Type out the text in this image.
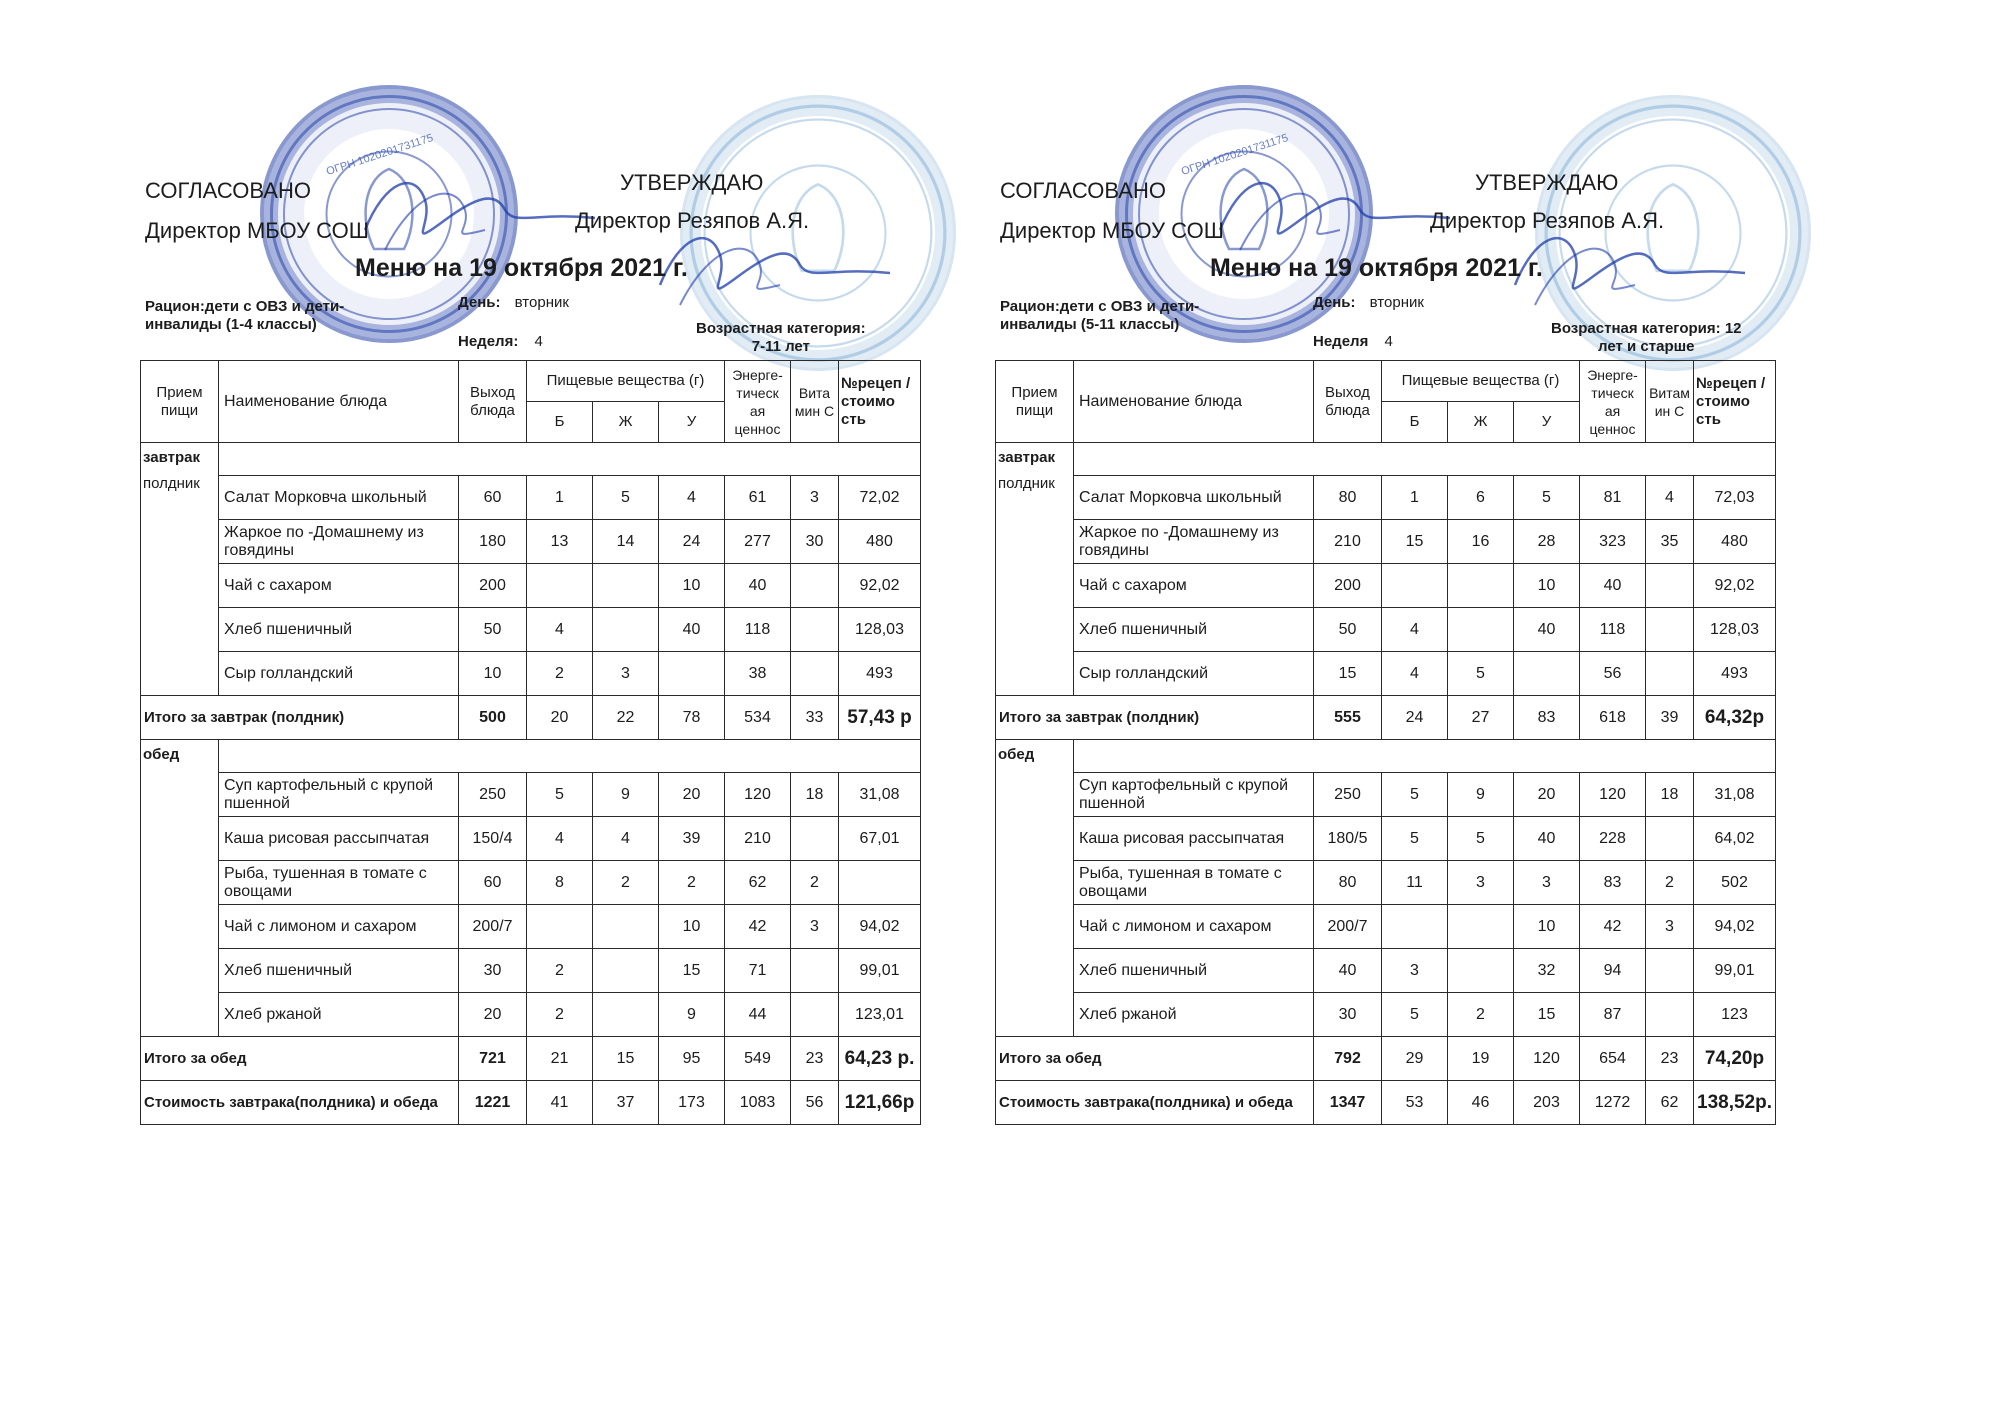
ОГРН 1020201731175
СОГЛАСОВАНО
Директор МБОУ СОШ
УТВЕРЖДАЮ
Директор Резяпов А.Я.
Меню на 19 октября 2021 г.
Рацион:дети с ОВЗ и дети-
инвалиды (1-4 классы)
День: вторник
Неделя: 4
Возрастная категория:
7-11 лет
Прием пищи	Наименование блюда	Выход блюда	Пищевые вещества (г)			Энерге-тическ ая ценнос	Вита мин С	№рецеп /стоимо сть
			Б	Ж	У			

завтрак
полдник								

	Салат Морковча школьный	60	1	5	4	61	3	72,02
	Жаркое по -Домашнему из говядины	180	13	14	24	277	30	480
	Чай с сахаром	200			10	40		92,02
	Хлеб пшеничный	50	4		40	118		128,03
	Сыр голландский	10	2	3		38		493
Итого за завтрак (полдник)		500	20	22	78	534	33	57,43 р

обед								

	Суп картофельный с крупой пшенной	250	5	9	20	120	18	31,08
	Каша рисовая рассыпчатая	150/4	4	4	39	210		67,01
	Рыба, тушенная в томате с овощами	60	8	2	2	62	2	
	Чай с лимоном и сахаром	200/7			10	42	3	94,02
	Хлеб пшеничный	30	2		15	71		99,01
	Хлеб ржаной	20	2		9	44		123,01
Итого за обед		721	21	15	95	549	23	64,23 р.
Стоимость завтрака(полдника) и обеда		1221	41	37	173	1083	56	121,66р
ОГРН 1020201731175
СОГЛАСОВАНО
Директор МБОУ СОШ
УТВЕРЖДАЮ
Директор Резяпов А.Я.
Меню на 19 октября 2021 г.
Рацион:дети с ОВЗ и дети-
инвалиды (5-11 классы)
День: вторник
Неделя 4
Возрастная категория: 12
лет и старше
Прием пищи	Наименование блюда	Выход блюда	Пищевые вещества (г)			Энерге-тическ ая ценнос	Витам ин С	№рецеп /стоимо сть
			Б	Ж	У			

завтрак
полдник								

	Салат Морковча школьный	80	1	6	5	81	4	72,03
	Жаркое по -Домашнему из говядины	210	15	16	28	323	35	480
	Чай с сахаром	200			10	40		92,02
	Хлеб пшеничный	50	4		40	118		128,03
	Сыр голландский	15	4	5		56		493
Итого за завтрак (полдник)		555	24	27	83	618	39	64,32р

обед								

	Суп картофельный с крупой пшенной	250	5	9	20	120	18	31,08
	Каша рисовая рассыпчатая	180/5	5	5	40	228		64,02
	Рыба, тушенная в томате с овощами	80	11	3	3	83	2	502
	Чай с лимоном и сахаром	200/7			10	42	3	94,02
	Хлеб пшеничный	40	3		32	94		99,01
	Хлеб ржаной	30	5	2	15	87		123
Итого за обед		792	29	19	120	654	23	74,20р
Стоимость завтрака(полдника) и обеда		1347	53	46	203	1272	62	138,52р.
